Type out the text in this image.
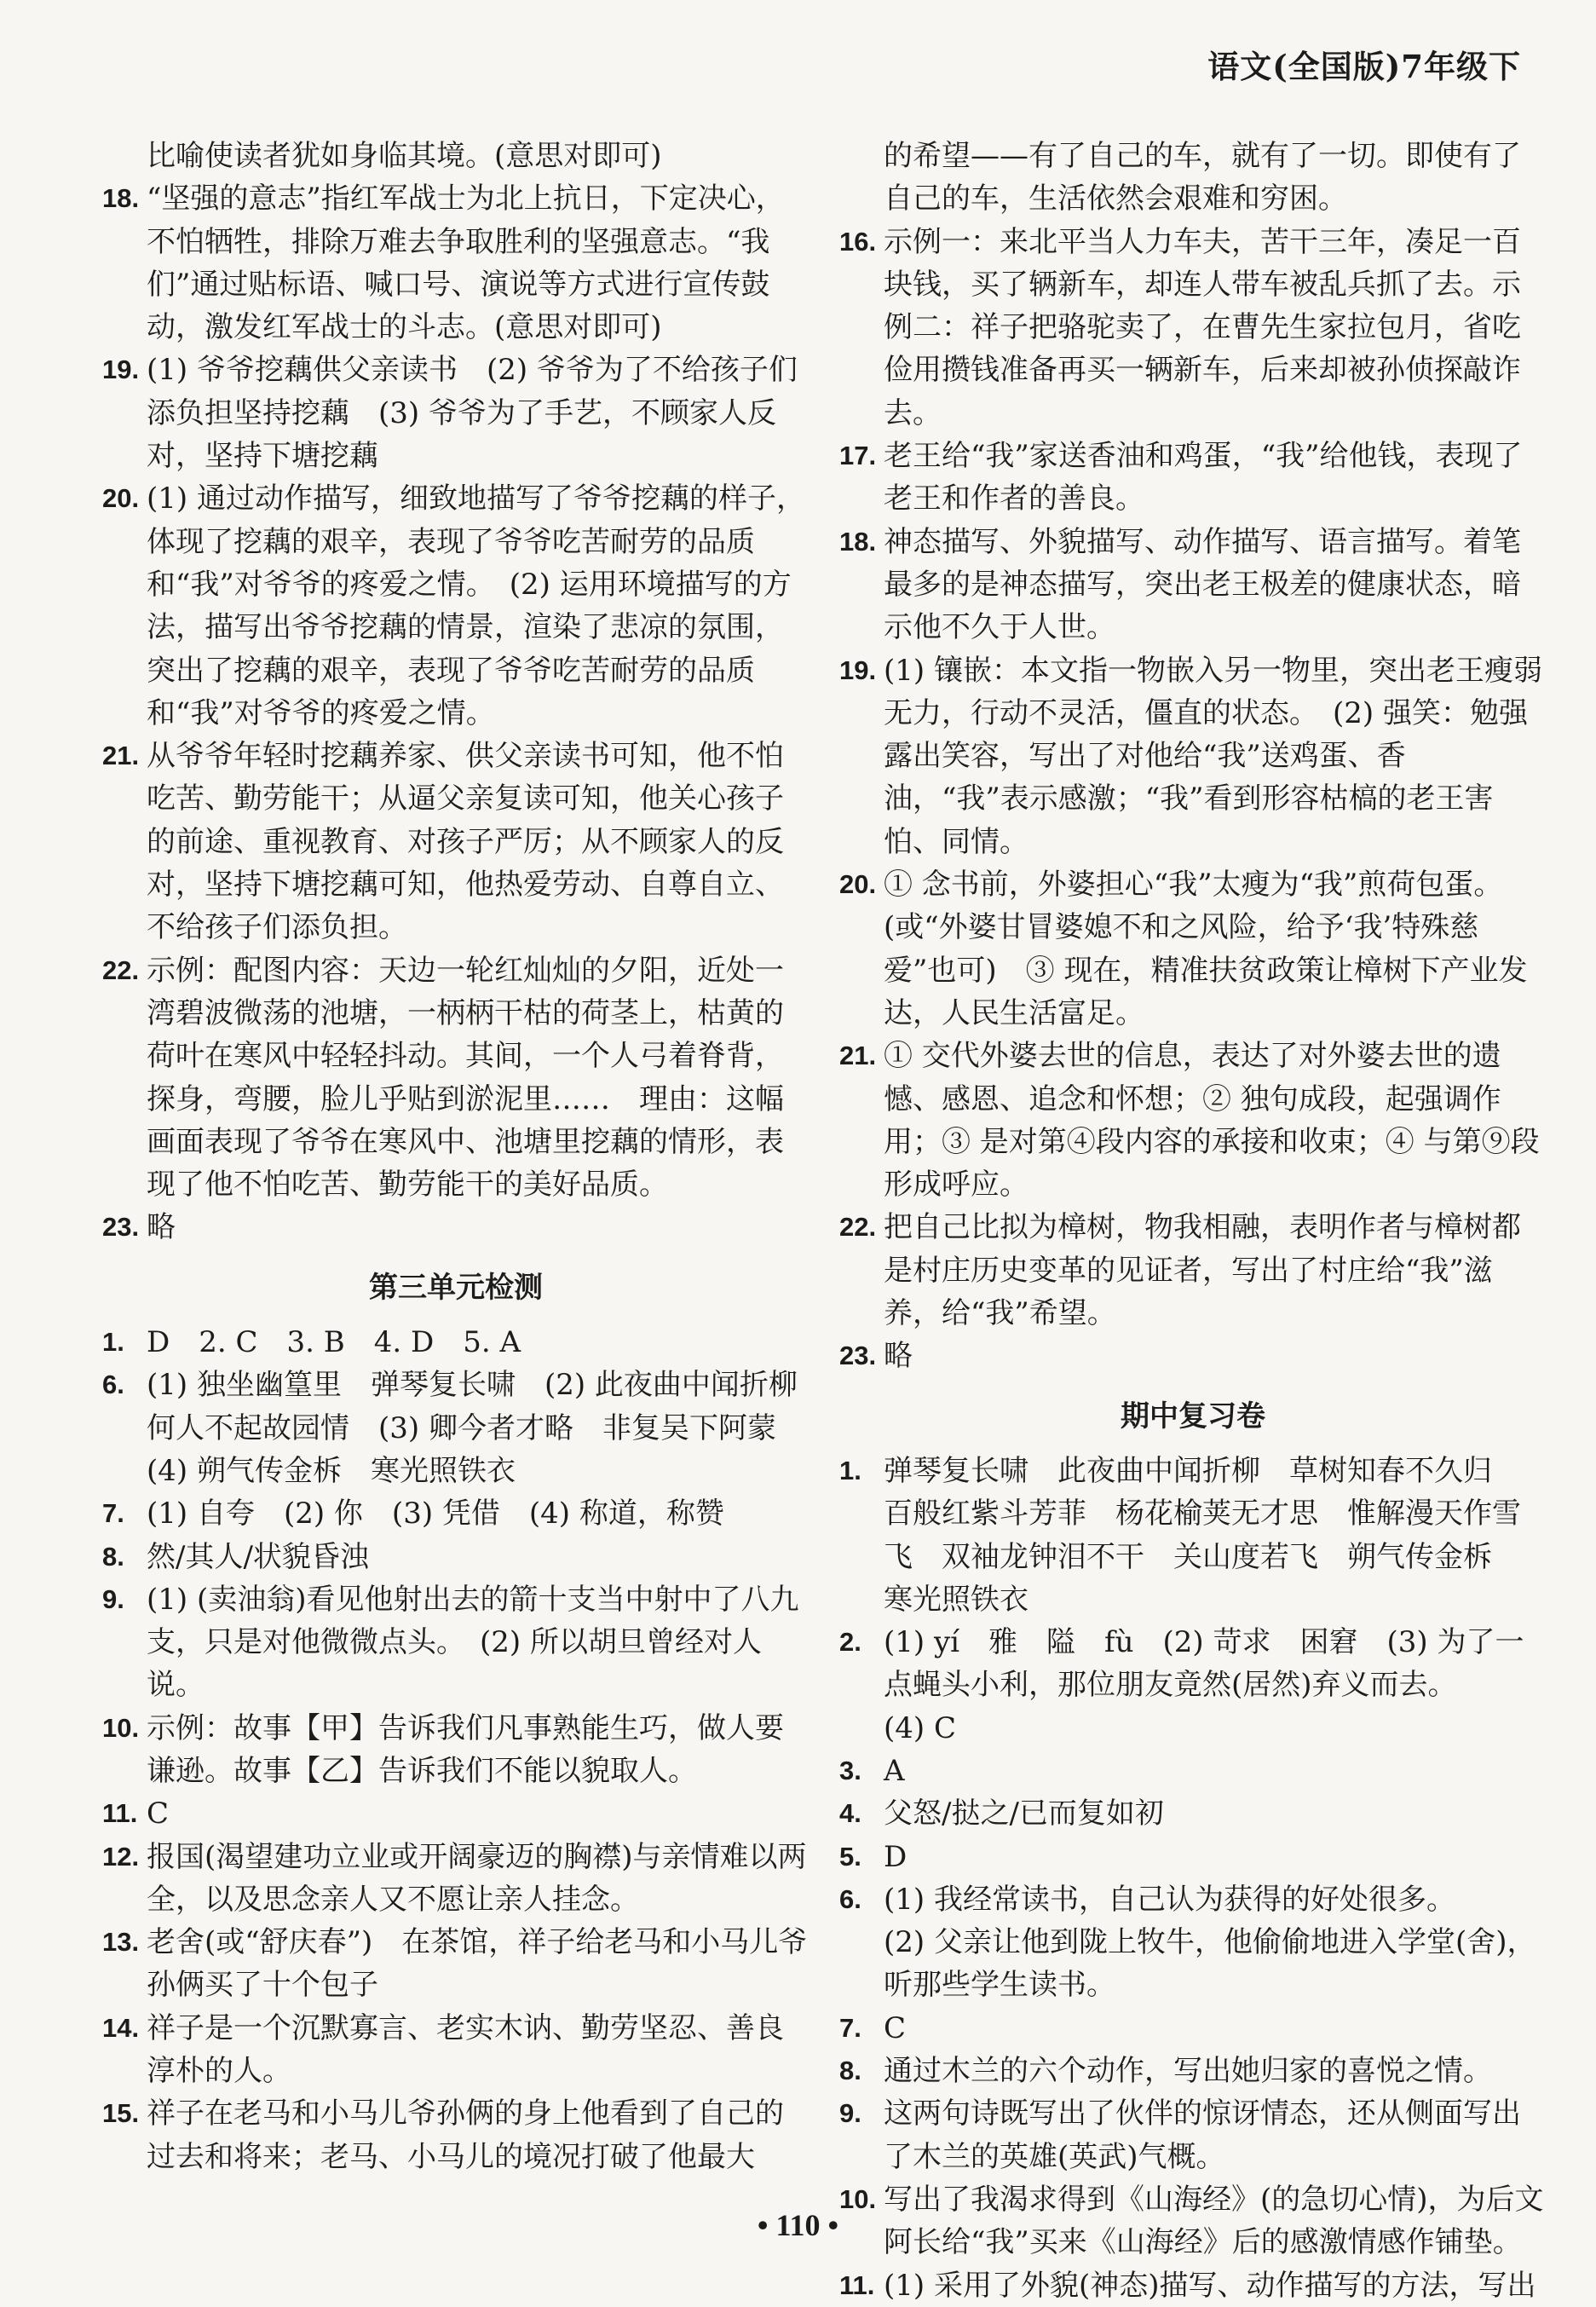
语文(全国版)7年级下
比喻使读者犹如身临其境。(意思对即可)
18. “坚强的意志”指红军战士为北上抗日，下定决心，不怕牺牲，排除万难去争取胜利的坚强意志。“我们”通过贴标语、喊口号、演说等方式进行宣传鼓动，激发红军战士的斗志。(意思对即可)
19. (1) 爷爷挖藕供父亲读书　(2) 爷爷为了不给孩子们添负担坚持挖藕　(3) 爷爷为了手艺，不顾家人反对，坚持下塘挖藕
20. (1) 通过动作描写，细致地描写了爷爷挖藕的样子，体现了挖藕的艰辛，表现了爷爷吃苦耐劳的品质和“我”对爷爷的疼爱之情。　(2) 运用环境描写的方法，描写出爷爷挖藕的情景，渲染了悲凉的氛围，突出了挖藕的艰辛，表现了爷爷吃苦耐劳的品质和“我”对爷爷的疼爱之情。
21. 从爷爷年轻时挖藕养家、供父亲读书可知，他不怕吃苦、勤劳能干；从逼父亲复读可知，他关心孩子的前途、重视教育、对孩子严厉；从不顾家人的反对，坚持下塘挖藕可知，他热爱劳动、自尊自立、不给孩子们添负担。
22. 示例：配图内容：天边一轮红灿灿的夕阳，近处一湾碧波微荡的池塘，一柄柄干枯的荷茎上，枯黄的荷叶在寒风中轻轻抖动。其间，一个人弓着脊背，探身，弯腰，脸儿乎贴到淤泥里……　理由：这幅画面表现了爷爷在寒风中、池塘里挖藕的情形，表现了他不怕吃苦、勤劳能干的美好品质。
23. 略
第三单元检测
1. D　2. C　3. B　4. D　5. A
6. (1) 独坐幽篁里　弹琴复长啸　(2) 此夜曲中闻折柳　何人不起故园情　(3) 卿今者才略　非复吴下阿蒙　(4) 朔气传金柝　寒光照铁衣
7. (1) 自夸　(2) 你　(3) 凭借　(4) 称道，称赞
8. 然/其人/状貌昏浊
9. (1) (卖油翁)看见他射出去的箭十支当中射中了八九支，只是对他微微点头。　(2) 所以胡旦曾经对人说。
10. 示例：故事【甲】告诉我们凡事熟能生巧，做人要谦逊。故事【乙】告诉我们不能以貌取人。
11. C
12. 报国(渴望建功立业或开阔豪迈的胸襟)与亲情难以两全，以及思念亲人又不愿让亲人挂念。
13. 老舍(或“舒庆春”)　在茶馆，祥子给老马和小马儿爷孙俩买了十个包子
14. 祥子是一个沉默寡言、老实木讷、勤劳坚忍、善良淳朴的人。
15. 祥子在老马和小马儿爷孙俩的身上他看到了自己的过去和将来；老马、小马儿的境况打破了他最大
的希望——有了自己的车，就有了一切。即使有了自己的车，生活依然会艰难和穷困。
16. 示例一：来北平当人力车夫，苦干三年，凑足一百块钱，买了辆新车，却连人带车被乱兵抓了去。示例二：祥子把骆驼卖了，在曹先生家拉包月，省吃俭用攒钱准备再买一辆新车，后来却被孙侦探敲诈去。
17. 老王给“我”家送香油和鸡蛋，“我”给他钱，表现了老王和作者的善良。
18. 神态描写、外貌描写、动作描写、语言描写。着笔最多的是神态描写，突出老王极差的健康状态，暗示他不久于人世。
19. (1) 镶嵌：本文指一物嵌入另一物里，突出老王瘦弱无力，行动不灵活，僵直的状态。　(2) 强笑：勉强露出笑容，写出了对他给“我”送鸡蛋、香油，“我”表示感激；“我”看到形容枯槁的老王害怕、同情。
20. ① 念书前，外婆担心“我”太瘦为“我”煎荷包蛋。(或“外婆甘冒婆媳不和之风险，给予‘我’特殊慈爱”也可)　③ 现在，精准扶贫政策让樟树下产业发达，人民生活富足。
21. ① 交代外婆去世的信息，表达了对外婆去世的遗憾、感恩、追念和怀想；② 独句成段，起强调作用；③ 是对第④段内容的承接和收束；④ 与第⑨段形成呼应。
22. 把自己比拟为樟树，物我相融，表明作者与樟树都是村庄历史变革的见证者，写出了村庄给“我”滋养，给“我”希望。
23. 略
期中复习卷
1. 弹琴复长啸　此夜曲中闻折柳　草树知春不久归　百般红紫斗芳菲　杨花榆荚无才思　惟解漫天作雪飞　双袖龙钟泪不干　关山度若飞　朔气传金柝　寒光照铁衣
2. (1) yí　雅　隘　fù　(2) 苛求　困窘　(3) 为了一点蝇头小利，那位朋友竟然(居然)弃义而去。
(4) C
3. A
4. 父怒/挞之/已而复如初
5. D
6. (1) 我经常读书，自己认为获得的好处很多。
(2) 父亲让他到陇上牧牛，他偷偷地进入学堂(舍)，听那些学生读书。
7. C
8. 通过木兰的六个动作，写出她归家的喜悦之情。
9. 这两句诗既写出了伙伴的惊讶情态，还从侧面写出了木兰的英雄(英武)气概。
10. 写出了我渴求得到《山海经》(的急切心情)，为后文阿长给“我”买来《山海经》后的感激情感作铺垫。
11. (1) 采用了外貌(神态)描写、动作描写的方法，写出
• 110 •
